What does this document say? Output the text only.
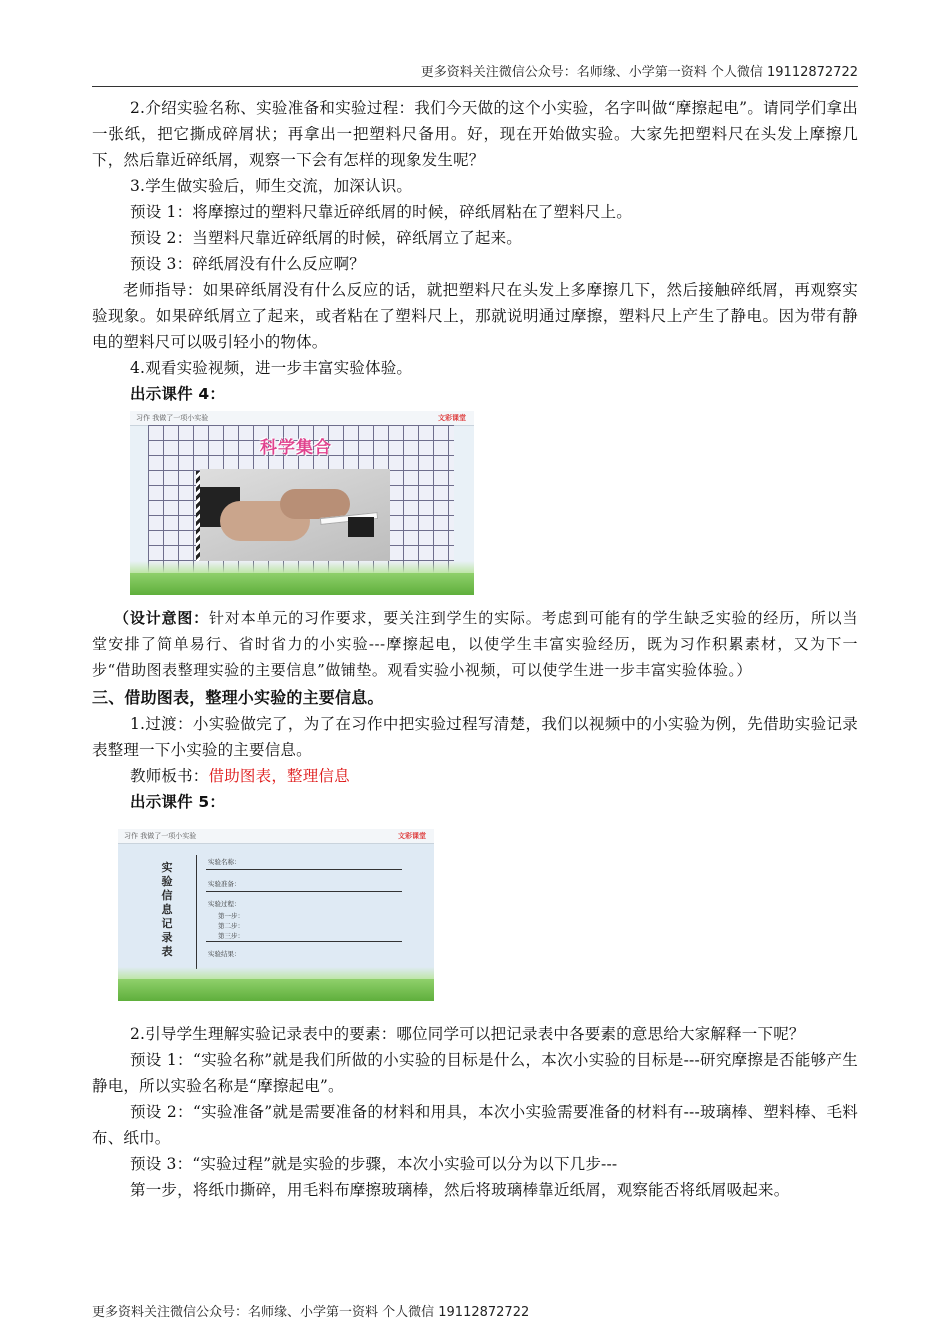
更多资料关注微信公众号：名师缘、小学第一资料 个人微信 19112872722

2.介绍实验名称、实验准备和实验过程：我们今天做的这个小实验，名字叫做“摩擦起电”。请同学们拿出一张纸，把它撕成碎屑状；再拿出一把塑料尺备用。好，现在开始做实验。大家先把塑料尺在头发上摩擦几下，然后靠近碎纸屑，观察一下会有怎样的现象发生呢？

3.学生做实验后，师生交流，加深认识。

预设 1：将摩擦过的塑料尺靠近碎纸屑的时候，碎纸屑粘在了塑料尺上。

预设 2：当塑料尺靠近碎纸屑的时候，碎纸屑立了起来。

预设 3：碎纸屑没有什么反应啊？

老师指导：如果碎纸屑没有什么反应的话，就把塑料尺在头发上多摩擦几下，然后接触碎纸屑，再观察实验现象。如果碎纸屑立了起来，或者粘在了塑料尺上，那就说明通过摩擦，塑料尺上产生了静电。因为带有静电的塑料尺可以吸引轻小的物体。

4.观看实验视频，进一步丰富实验体验。

出示课件 4：

习作 我做了一项小实验	文彩课堂
科学集合

（设计意图：针对本单元的习作要求，要关注到学生的实际。考虑到可能有的学生缺乏实验的经历，所以当堂安排了简单易行、省时省力的小实验---摩擦起电，以使学生丰富实验经历，既为习作积累素材，又为下一步“借助图表整理实验的主要信息”做铺垫。观看实验小视频，可以使学生进一步丰富实验体验。）

三、借助图表，整理小实验的主要信息。

1.过渡：小实验做完了，为了在习作中把实验过程写清楚，我们以视频中的小实验为例，先借助实验记录表整理一下小实验的主要信息。

教师板书：借助图表，整理信息

出示课件 5：

习作 我做了一项小实验	文彩课堂
实验信息记录表
实验名称：
实验准备：
实验过程：
第一步：
第二步：
第三步：
实验结果：

2.引导学生理解实验记录表中的要素：哪位同学可以把记录表中各要素的意思给大家解释一下呢？

预设 1：“实验名称”就是我们所做的小实验的目标是什么，本次小实验的目标是---研究摩擦是否能够产生静电，所以实验名称是“摩擦起电”。

预设 2：“实验准备”就是需要准备的材料和用具，本次小实验需要准备的材料有---玻璃棒、塑料棒、毛料布、纸巾。

预设 3：“实验过程”就是实验的步骤，本次小实验可以分为以下几步---

第一步，将纸巾撕碎，用毛料布摩擦玻璃棒，然后将玻璃棒靠近纸屑，观察能否将纸屑吸起来。

更多资料关注微信公众号：名师缘、小学第一资料 个人微信 19112872722
